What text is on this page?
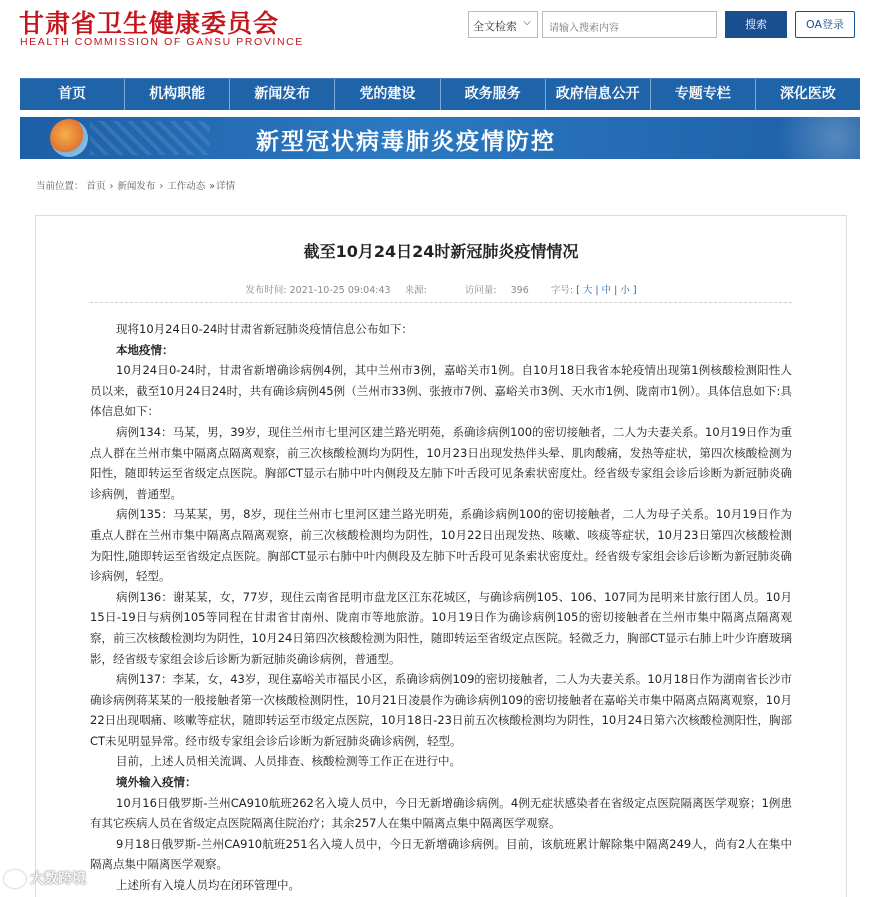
甘肃省卫生健康委员会
HEALTH COMMISSION OF GANSU PROVINCE
全文检索 ⌵
请输入搜索内容	搜索	OA登录
首页	机构职能	新闻发布	党的建设	政务服务	政府信息公开	专题专栏	深化医改
新型冠状病毒肺炎疫情防控
当前位置： 首页 › 新闻发布 › 工作动态 »详情
截至10月24日24时新冠肺炎疫情情况
发布时间: 2021-10-25 09:04:43 来源:	访问量: 396 字号: [ 大 | 中 | 小 ]

现将10月24日0-24时甘肃省新冠肺炎疫情信息公布如下：

本地疫情：

10月24日0-24时，甘肃省新增确诊病例4例，其中兰州市3例，嘉峪关市1例。自10月18日我省本轮疫情出现第1例核酸检测阳性人员以来，截至10月24日24时，共有确诊病例45例（兰州市33例、张掖市7例、嘉峪关市3例、天水市1例、陇南市1例）。具体信息如下:具体信息如下：

病例134：马某，男，39岁，现住兰州市七里河区建兰路光明苑，系确诊病例100的密切接触者，二人为夫妻关系。10月19日作为重点人群在兰州市集中隔离点隔离观察，前三次核酸检测均为阴性，10月23日出现发热伴头晕、肌肉酸痛，发热等症状，第四次核酸检测为阳性，随即转运至省级定点医院。胸部CT显示右肺中叶内侧段及左肺下叶舌段可见条索状密度灶。经省级专家组会诊后诊断为新冠肺炎确诊病例，普通型。

病例135：马某某，男，8岁，现住兰州市七里河区建兰路光明苑，系确诊病例100的密切接触者，二人为母子关系。10月19日作为重点人群在兰州市集中隔离点隔离观察，前三次核酸检测均为阴性，10月22日出现发热、咳嗽、咳痰等症状，10月23日第四次核酸检测为阳性,随即转运至省级定点医院。胸部CT显示右肺中叶内侧段及左肺下叶舌段可见条索状密度灶。经省级专家组会诊后诊断为新冠肺炎确诊病例，轻型。

病例136：谢某某，女，77岁，现住云南省昆明市盘龙区江东花城区，与确诊病例105、106、107同为昆明来甘旅行团人员。10月15日-19日与病例105等同程在甘肃省甘南州、陇南市等地旅游。10月19日作为确诊病例105的密切接触者在兰州市集中隔离点隔离观察，前三次核酸检测均为阴性，10月24日第四次核酸检测为阳性，随即转运至省级定点医院。轻微乏力，胸部CT显示右肺上叶少许磨玻璃影，经省级专家组会诊后诊断为新冠肺炎确诊病例，普通型。

病例137：李某，女，43岁，现住嘉峪关市福民小区，系确诊病例109的密切接触者，二人为夫妻关系。10月18日作为湖南省长沙市确诊病例蒋某某的一般接触者第一次核酸检测阴性，10月21日凌晨作为确诊病例109的密切接触者在嘉峪关市集中隔离点隔离观察，10月22日出现咽痛、咳嗽等症状，随即转运至市级定点医院，10月18日-23日前五次核酸检测均为阴性，10月24日第六次核酸检测阳性，胸部CT未见明显异常。经市级专家组会诊后诊断为新冠肺炎确诊病例，轻型。

目前，上述人员相关流调、人员排查、核酸检测等工作正在进行中。

境外输入疫情：

10月16日俄罗斯-兰州CA910航班262名入境人员中，今日无新增确诊病例。4例无症状感染者在省级定点医院隔离医学观察；1例患有其它疾病人员在省级定点医院隔离住院治疗；其余257人在集中隔离点集中隔离医学观察。

9月18日俄罗斯-兰州CA910航班251名入境人员中，今日无新增确诊病例。目前，该航班累计解除集中隔离249人，尚有2人在集中隔离点集中隔离医学观察。

上述所有入境人员均在闭环管理中。

大数跨境
